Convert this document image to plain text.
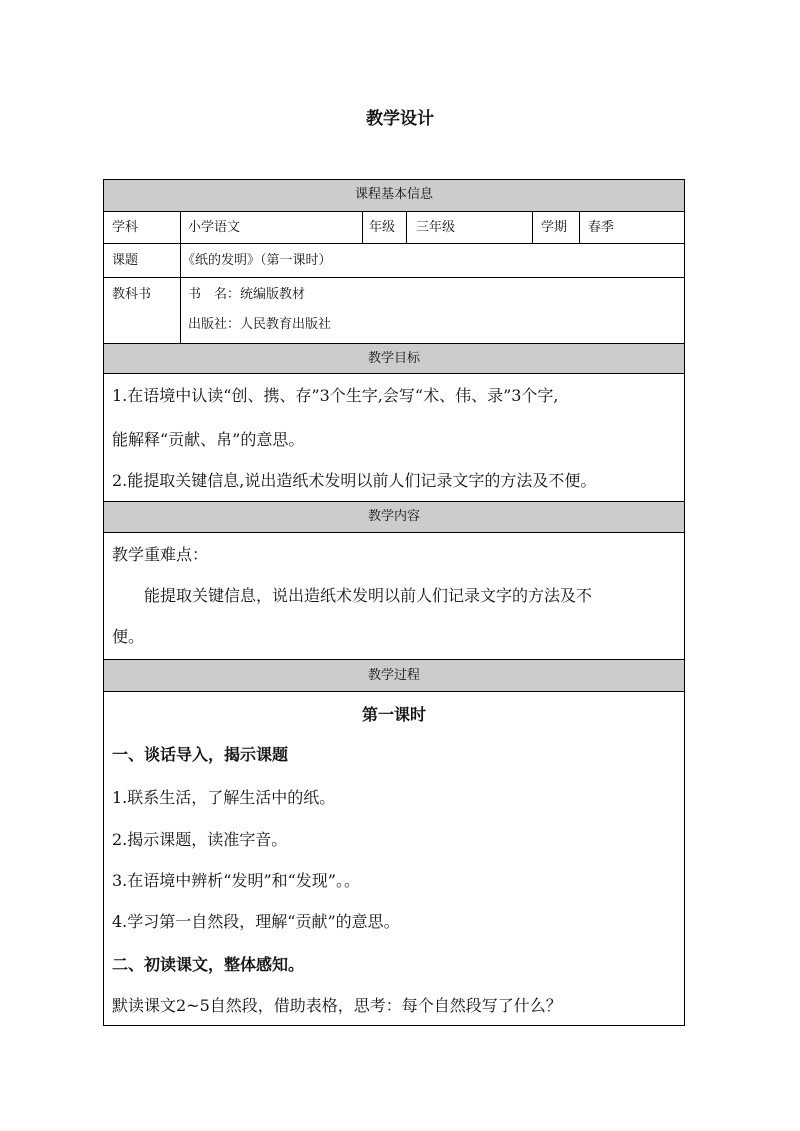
教学设计
课程基本信息
学科	小学语文	年级 三年级	学期 春季
课题	《纸的发明》（第一课时）
教科书	书　名：统编版教材
出版社：人民教育出版社
教学目标
1.在语境中认读“创、携、存”3个生字,会写“术、伟、录”3个字,
能解释“贡献、帛”的意思。
2.能提取关键信息,说出造纸术发明以前人们记录文字的方法及不便。
教学内容
教学重难点：
能提取关键信息，说出造纸术发明以前人们记录文字的方法及不
便。
教学过程
第一课时
一、谈话导入，揭示课题
1.联系生活，了解生活中的纸。
2.揭示课题，读准字音。
3.在语境中辨析“发明”和“发现”。。
4.学习第一自然段，理解“贡献”的意思。
二、初读课文，整体感知。
默读课文2~5自然段，借助表格，思考：每个自然段写了什么？
